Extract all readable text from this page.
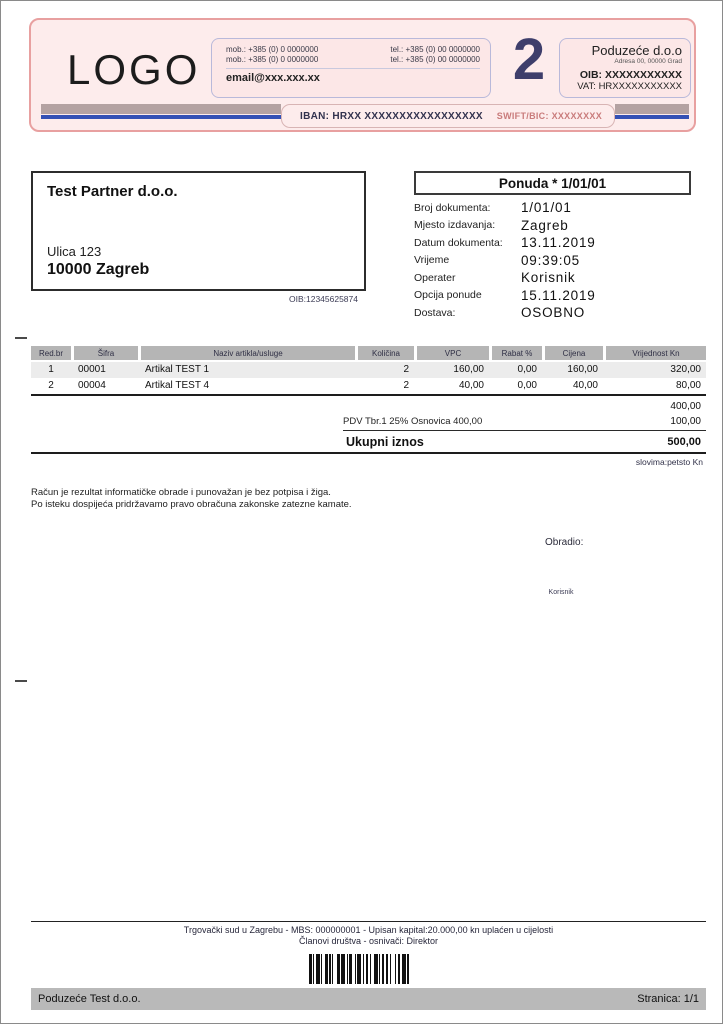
LOGO	mob.: +385 (0) 0 0000000	tel.: +385 (0) 00 0000000
mob.: +385 (0) 0 0000000	tel.: +385 (0) 00 0000000
email@xxx.xxx.xx	2	Poduzeće d.o.o
Adresa 00, 00000 Grad
OIB: XXXXXXXXXXX
VAT: HRXXXXXXXXXXX
IBAN: HRXX XXXXXXXXXXXXXXXXX SWIFT/BIC: XXXXXXXX
Test Partner d.o.o.
Ulica 123
10000 Zagreb
OIB:12345625874
Ponuda * 1/01/01
Broj dokumenta:	1/01/01
Mjesto izdavanja:	Zagreb
Datum dokumenta:	13.11.2019
Vrijeme	09:39:05
Operater	Korisnik
Opcija ponude	15.11.2019
Dostava:	OSOBNO
Red.br	Šifra	Naziv artikla/usluge	Količina	VPC	Rabat %	Cijena	Vrijednost Kn
1	00001	Artikal TEST 1	2	160,00	0,00	160,00	320,00
2	00004	Artikal TEST 4	2	40,00	0,00	40,00	80,00
400,00
PDV Tbr.1 25% Osnovica 400,00	100,00
Ukupni iznos	500,00
slovima:petsto Kn
Račun je rezultat informatičke obrade i punovažan je bez potpisa i žiga.
Po isteku dospijeća pridržavamo pravo obračuna zakonske zatezne kamate.
Obradio:
Korisnik
Trgovački sud u Zagrebu - MBS: 000000001 - Upisan kapital:20.000,00 kn uplaćen u cijelosti
Članovi društva - osnivači: Direktor
Poduzeće Test d.o.o.	Stranica: 1/1
